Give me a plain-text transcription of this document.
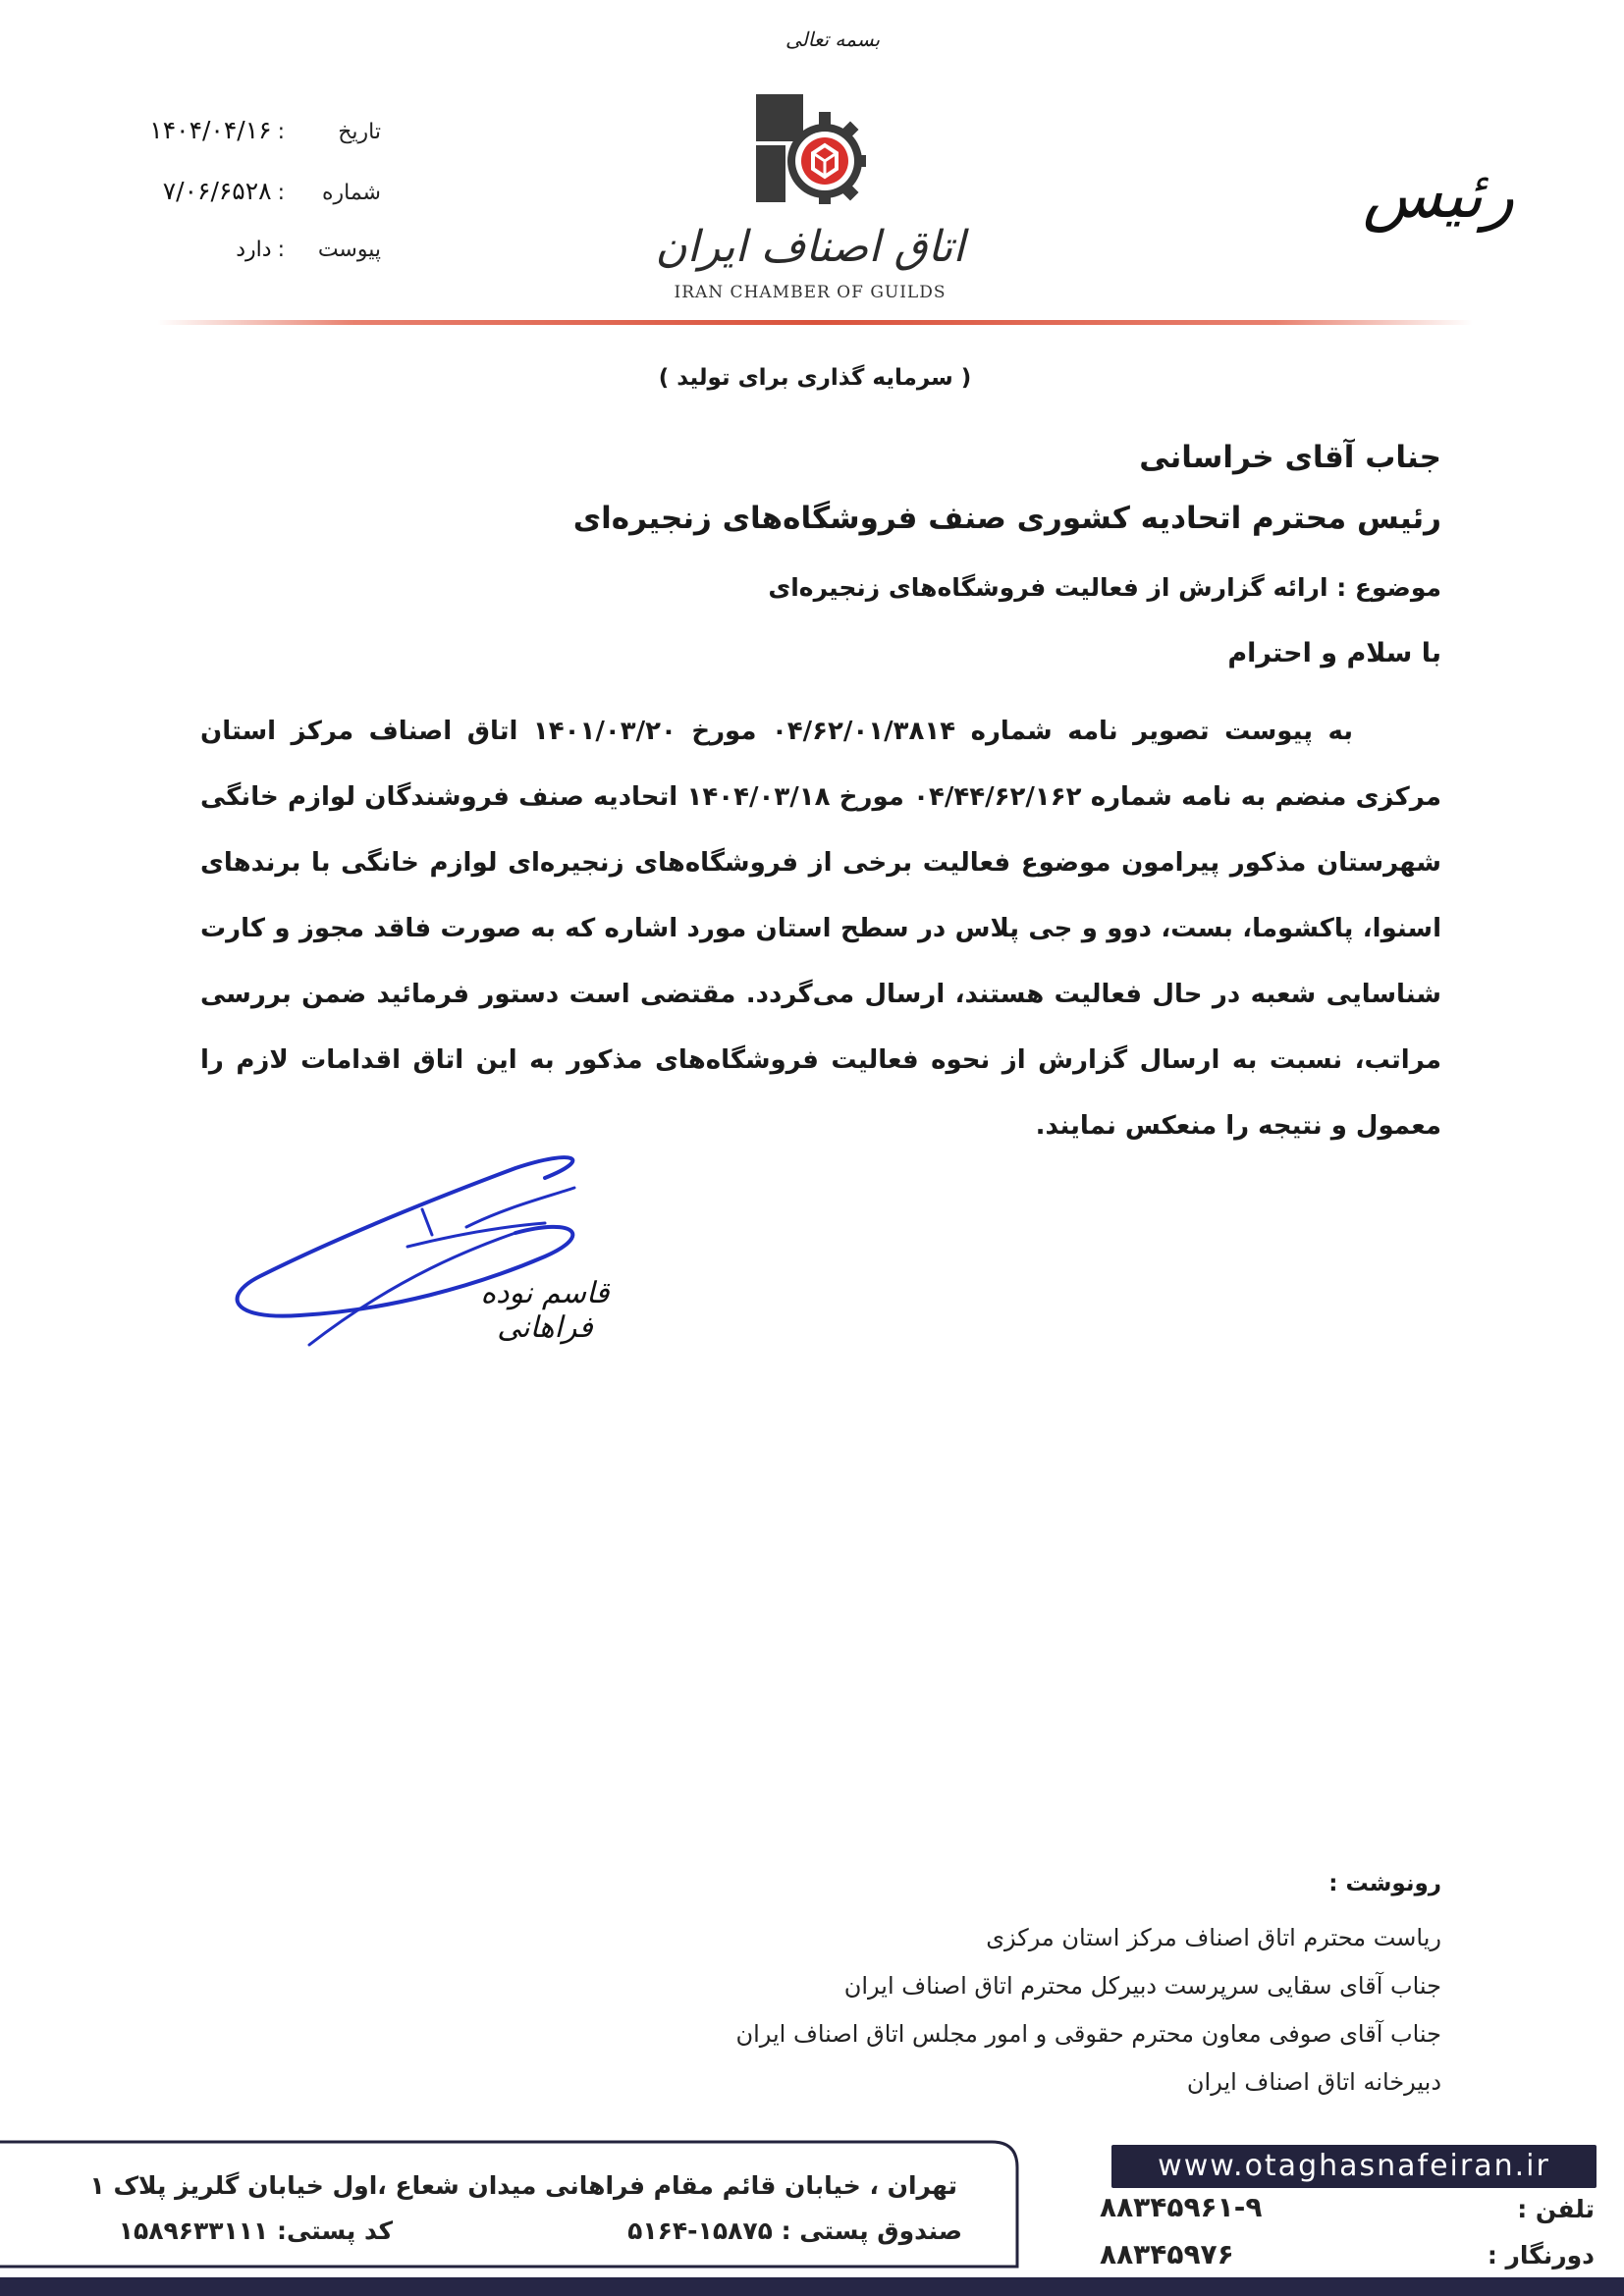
تاریخ
:
۱۴۰۴/۰۴/۱۶
شماره
:
۷/۰۶/۶۵۲۸
پیوست
:
دارد
بسمه تعالی
اتاق اصناف ایران
IRAN CHAMBER OF GUILDS
رئیس
( سرمایه گذاری برای تولید )
جناب آقای خراسانی
رئیس محترم اتحادیه کشوری صنف فروشگاه‌های زنجیره‌ای
موضوع : ارائه گزارش از فعالیت فروشگاه‌های زنجیره‌ای
با سلام و احترام
به پیوست تصویر نامه شماره ۰۴/۶۲/۰۱/۳۸۱۴ مورخ ۱۴۰۱/۰۳/۲۰ اتاق اصناف مرکز استان مرکزی منضم به نامه شماره ۰۴/۴۴/۶۲/۱۶۲ مورخ ۱۴۰۴/۰۳/۱۸ اتحادیه صنف فروشندگان لوازم خانگی شهرستان مذکور پیرامون موضوع فعالیت برخی از فروشگاه‌های زنجیره‌ای لوازم خانگی با برندهای اسنوا، پاکشوما، بست، دوو و جی پلاس در سطح استان مورد اشاره که به صورت فاقد مجوز و کارت شناسایی شعبه در حال فعالیت هستند، ارسال می‌گردد. مقتضی است دستور فرمائید ضمن بررسی مراتب، نسبت به ارسال گزارش از نحوه فعالیت فروشگاه‌های مذکور به این اتاق اقدامات لازم را معمول و نتیجه را منعکس نمایند.
قاسم نوده فراهانی
رونوشت :
ریاست محترم اتاق اصناف مرکز استان مرکزی
جناب آقای سقایی سرپرست دبیرکل محترم اتاق اصناف ایران
جناب آقای صوفی معاون محترم حقوقی و امور مجلس اتاق اصناف ایران
دبیرخانه اتاق اصناف ایران
تهران ، خیابان قائم مقام فراهانی میدان شعاع ،اول خیابان گلریز پلاک ۱
صندوق پستی : ۱۵۸۷۵-۵۱۶۴
کد پستی: ۱۵۸۹۶۳۳۱۱۱
www.otaghasnafeiran.ir
تلفن :
۸۸۳۴۵۹۶۱-۹
دورنگار :
۸۸۳۴۵۹۷۶
